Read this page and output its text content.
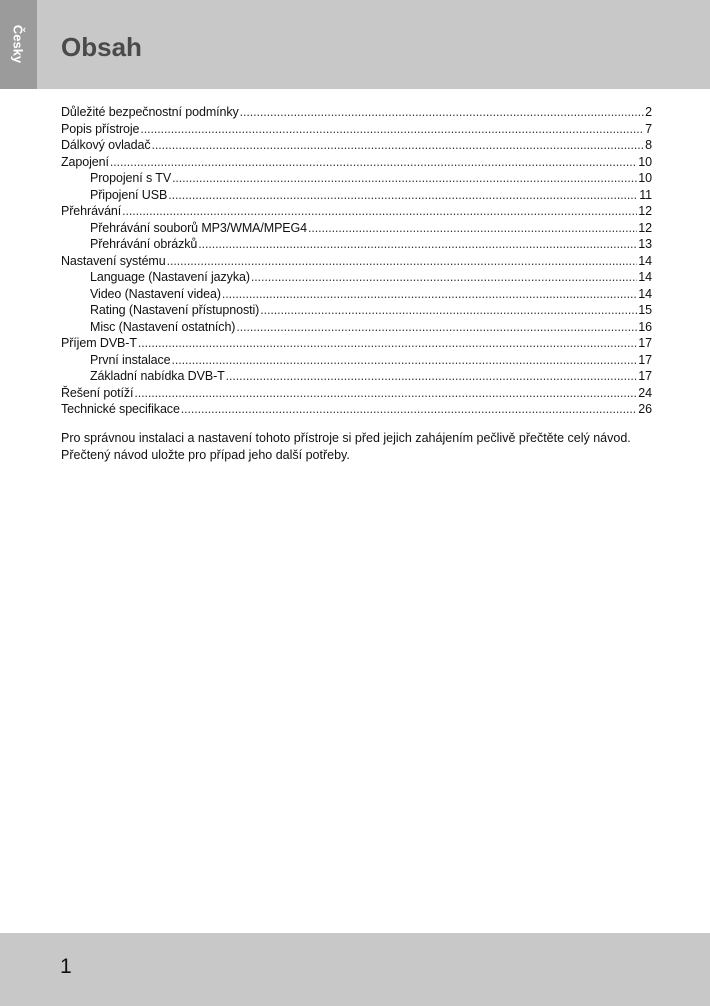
Česky Obsah
Důležité bezpečnostní podmínky .....	2
Popis přístroje .....	7
Dálkový ovladač .....	8
Zapojení .....	10
Propojení s TV .....	10
Připojení USB .....	11
Přehrávání .....	12
Přehrávání souborů MP3/WMA/MPEG4 .....	12
Přehrávání obrázků .....	13
Nastavení systému .....	14
Language (Nastavení jazyka) .....	14
Video (Nastavení videa) .....	14
Rating (Nastavení přístupnosti) .....	15
Misc (Nastavení ostatních) .....	16
Příjem DVB-T .....	17
První instalace .....	17
Základní nabídka DVB-T .....	17
Řešení potíží .....	24
Technické specifikace .....	26

Pro správnou instalaci a nastavení tohoto přístroje si před jejich zahájením pečlivě přečtěte celý návod. Přečtený návod uložte pro případ jeho další potřeby.

1
